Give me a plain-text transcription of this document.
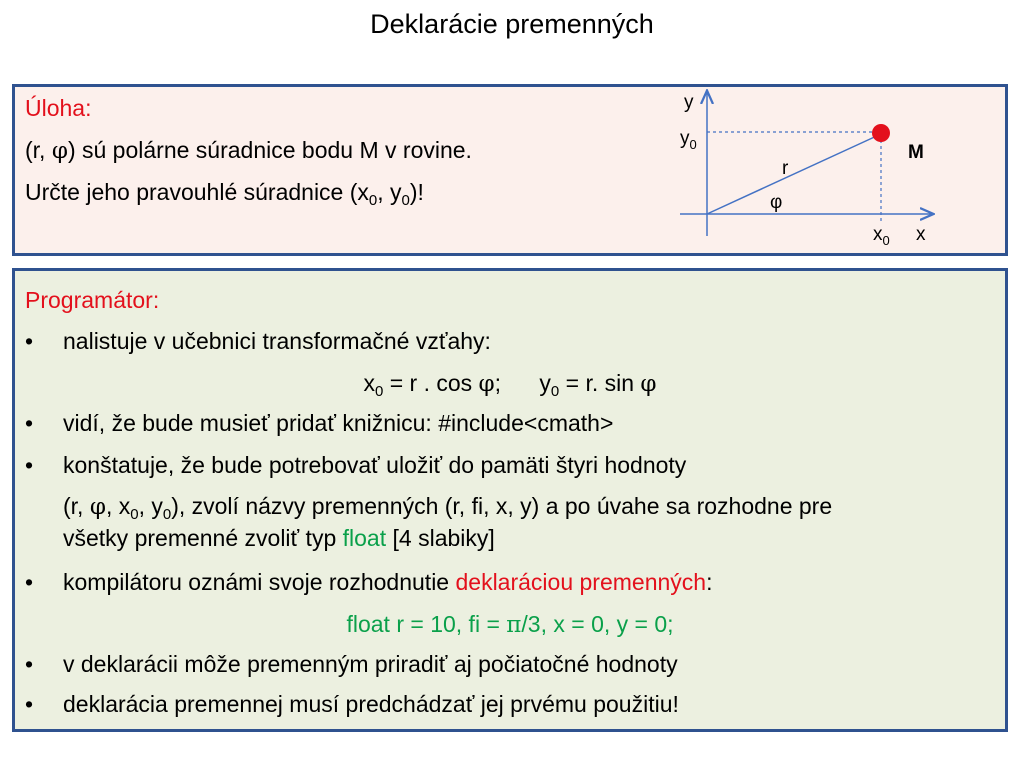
Deklarácie premenných
Úloha:
(r, φ) sú polárne súradnice bodu M v rovine.
Určte jeho pravouhlé súradnice ($x_0$, $y_0$)!
y
$y_0$	M
r
φ
$x_0$ x
Programátor:
• nalistuje v učebnici transformačné vzťahy:
$x_0 = r$ . cos φ;      $y_0 = r$. sin φ
• vidí, že bude musieť pridať knižnicu: #include<cmath>
• konštatuje, že bude potrebovať uložiť do pamäti štyri hodnoty
(r, φ, $x_0$, $y_0$), zvolí názvy premenných (r, fi, x, y) a po úvahe sa rozhodne pre
všetky premenné zvoliť typ float [4 slabiky]
• kompilátoru oznámi svoje rozhodnutie deklaráciou premenných:
float r = 10, fi = π/3, x = 0, y = 0;
• v deklarácii môže premenným priradiť aj počiatočné hodnoty
• deklarácia premennej musí predchádzať jej prvému použitiu!
